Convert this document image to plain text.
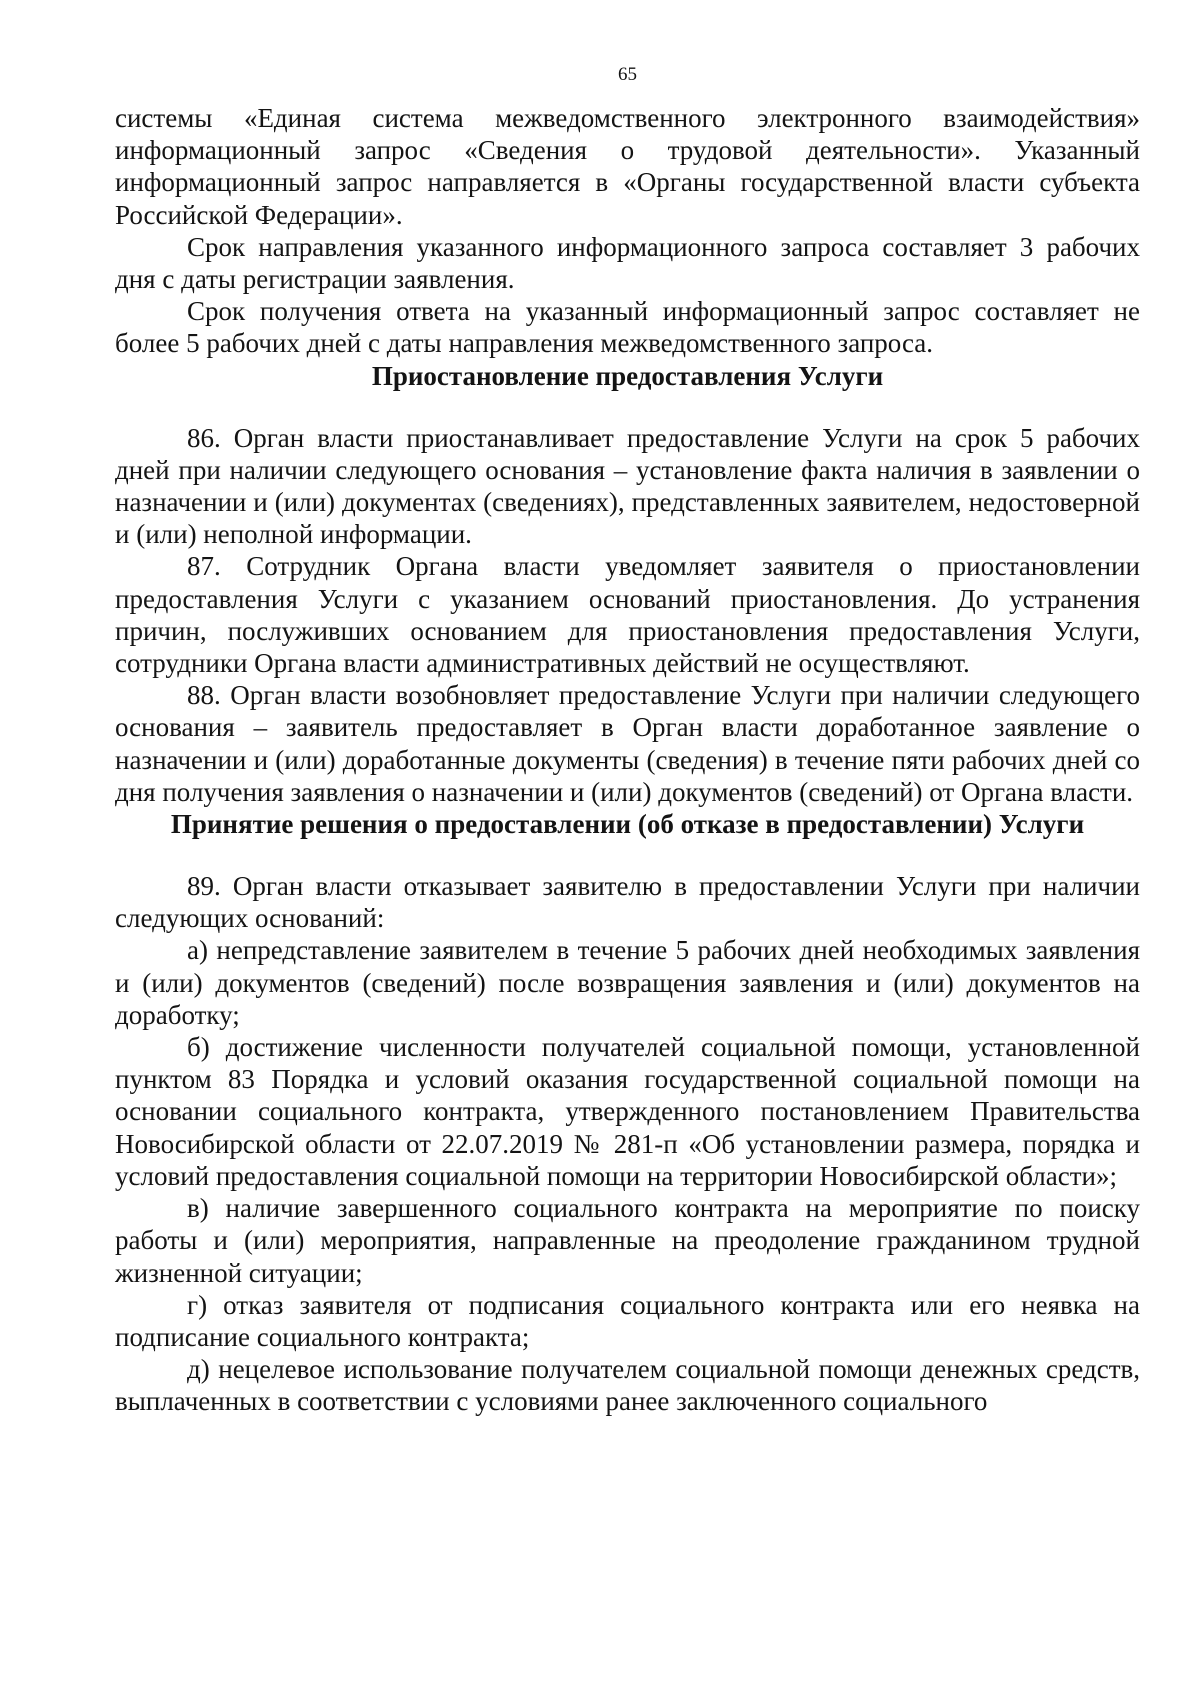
65

системы «Единая система межведомственного электронного взаимодействия» информационный запрос «Сведения о трудовой деятельности». Указанный информационный запрос направляется в «Органы государственной власти субъекта Российской Федерации».

Срок направления указанного информационного запроса составляет 3 рабочих дня с даты регистрации заявления.

Срок получения ответа на указанный информационный запрос составляет не более 5 рабочих дней с даты направления межведомственного запроса.

Приостановление предоставления Услуги

86. Орган власти приостанавливает предоставление Услуги на срок 5 рабочих дней при наличии следующего основания – установление факта наличия в заявлении о назначении и (или) документах (сведениях), представленных заявителем, недостоверной и (или) неполной информации.

87. Сотрудник Органа власти уведомляет заявителя о приостановлении предоставления Услуги с указанием оснований приостановления. До устранения причин, послуживших основанием для приостановления предоставления Услуги, сотрудники Органа власти административных действий не осуществляют.

88. Орган власти возобновляет предоставление Услуги при наличии следующего основания – заявитель предоставляет в Орган власти доработанное заявление о назначении и (или) доработанные документы (сведения) в течение пяти рабочих дней со дня получения заявления о назначении и (или) документов (сведений) от Органа власти.

Принятие решения о предоставлении (об отказе в предоставлении) Услуги

89. Орган власти отказывает заявителю в предоставлении Услуги при наличии следующих оснований:

а) непредставление заявителем в течение 5 рабочих дней необходимых заявления и (или) документов (сведений) после возвращения заявления и (или) документов на доработку;

б) достижение численности получателей социальной помощи, установленной пунктом 83 Порядка и условий оказания государственной социальной помощи на основании социального контракта, утвержденного постановлением Правительства Новосибирской области от 22.07.2019 № 281-п «Об установлении размера, порядка и условий предоставления социальной помощи на территории Новосибирской области»;

в) наличие завершенного социального контракта на мероприятие по поиску работы и (или) мероприятия, направленные на преодоление гражданином трудной жизненной ситуации;

г) отказ заявителя от подписания социального контракта или его неявка на подписание социального контракта;

д) нецелевое использование получателем социальной помощи денежных средств, выплаченных в соответствии с условиями ранее заключенного социального
